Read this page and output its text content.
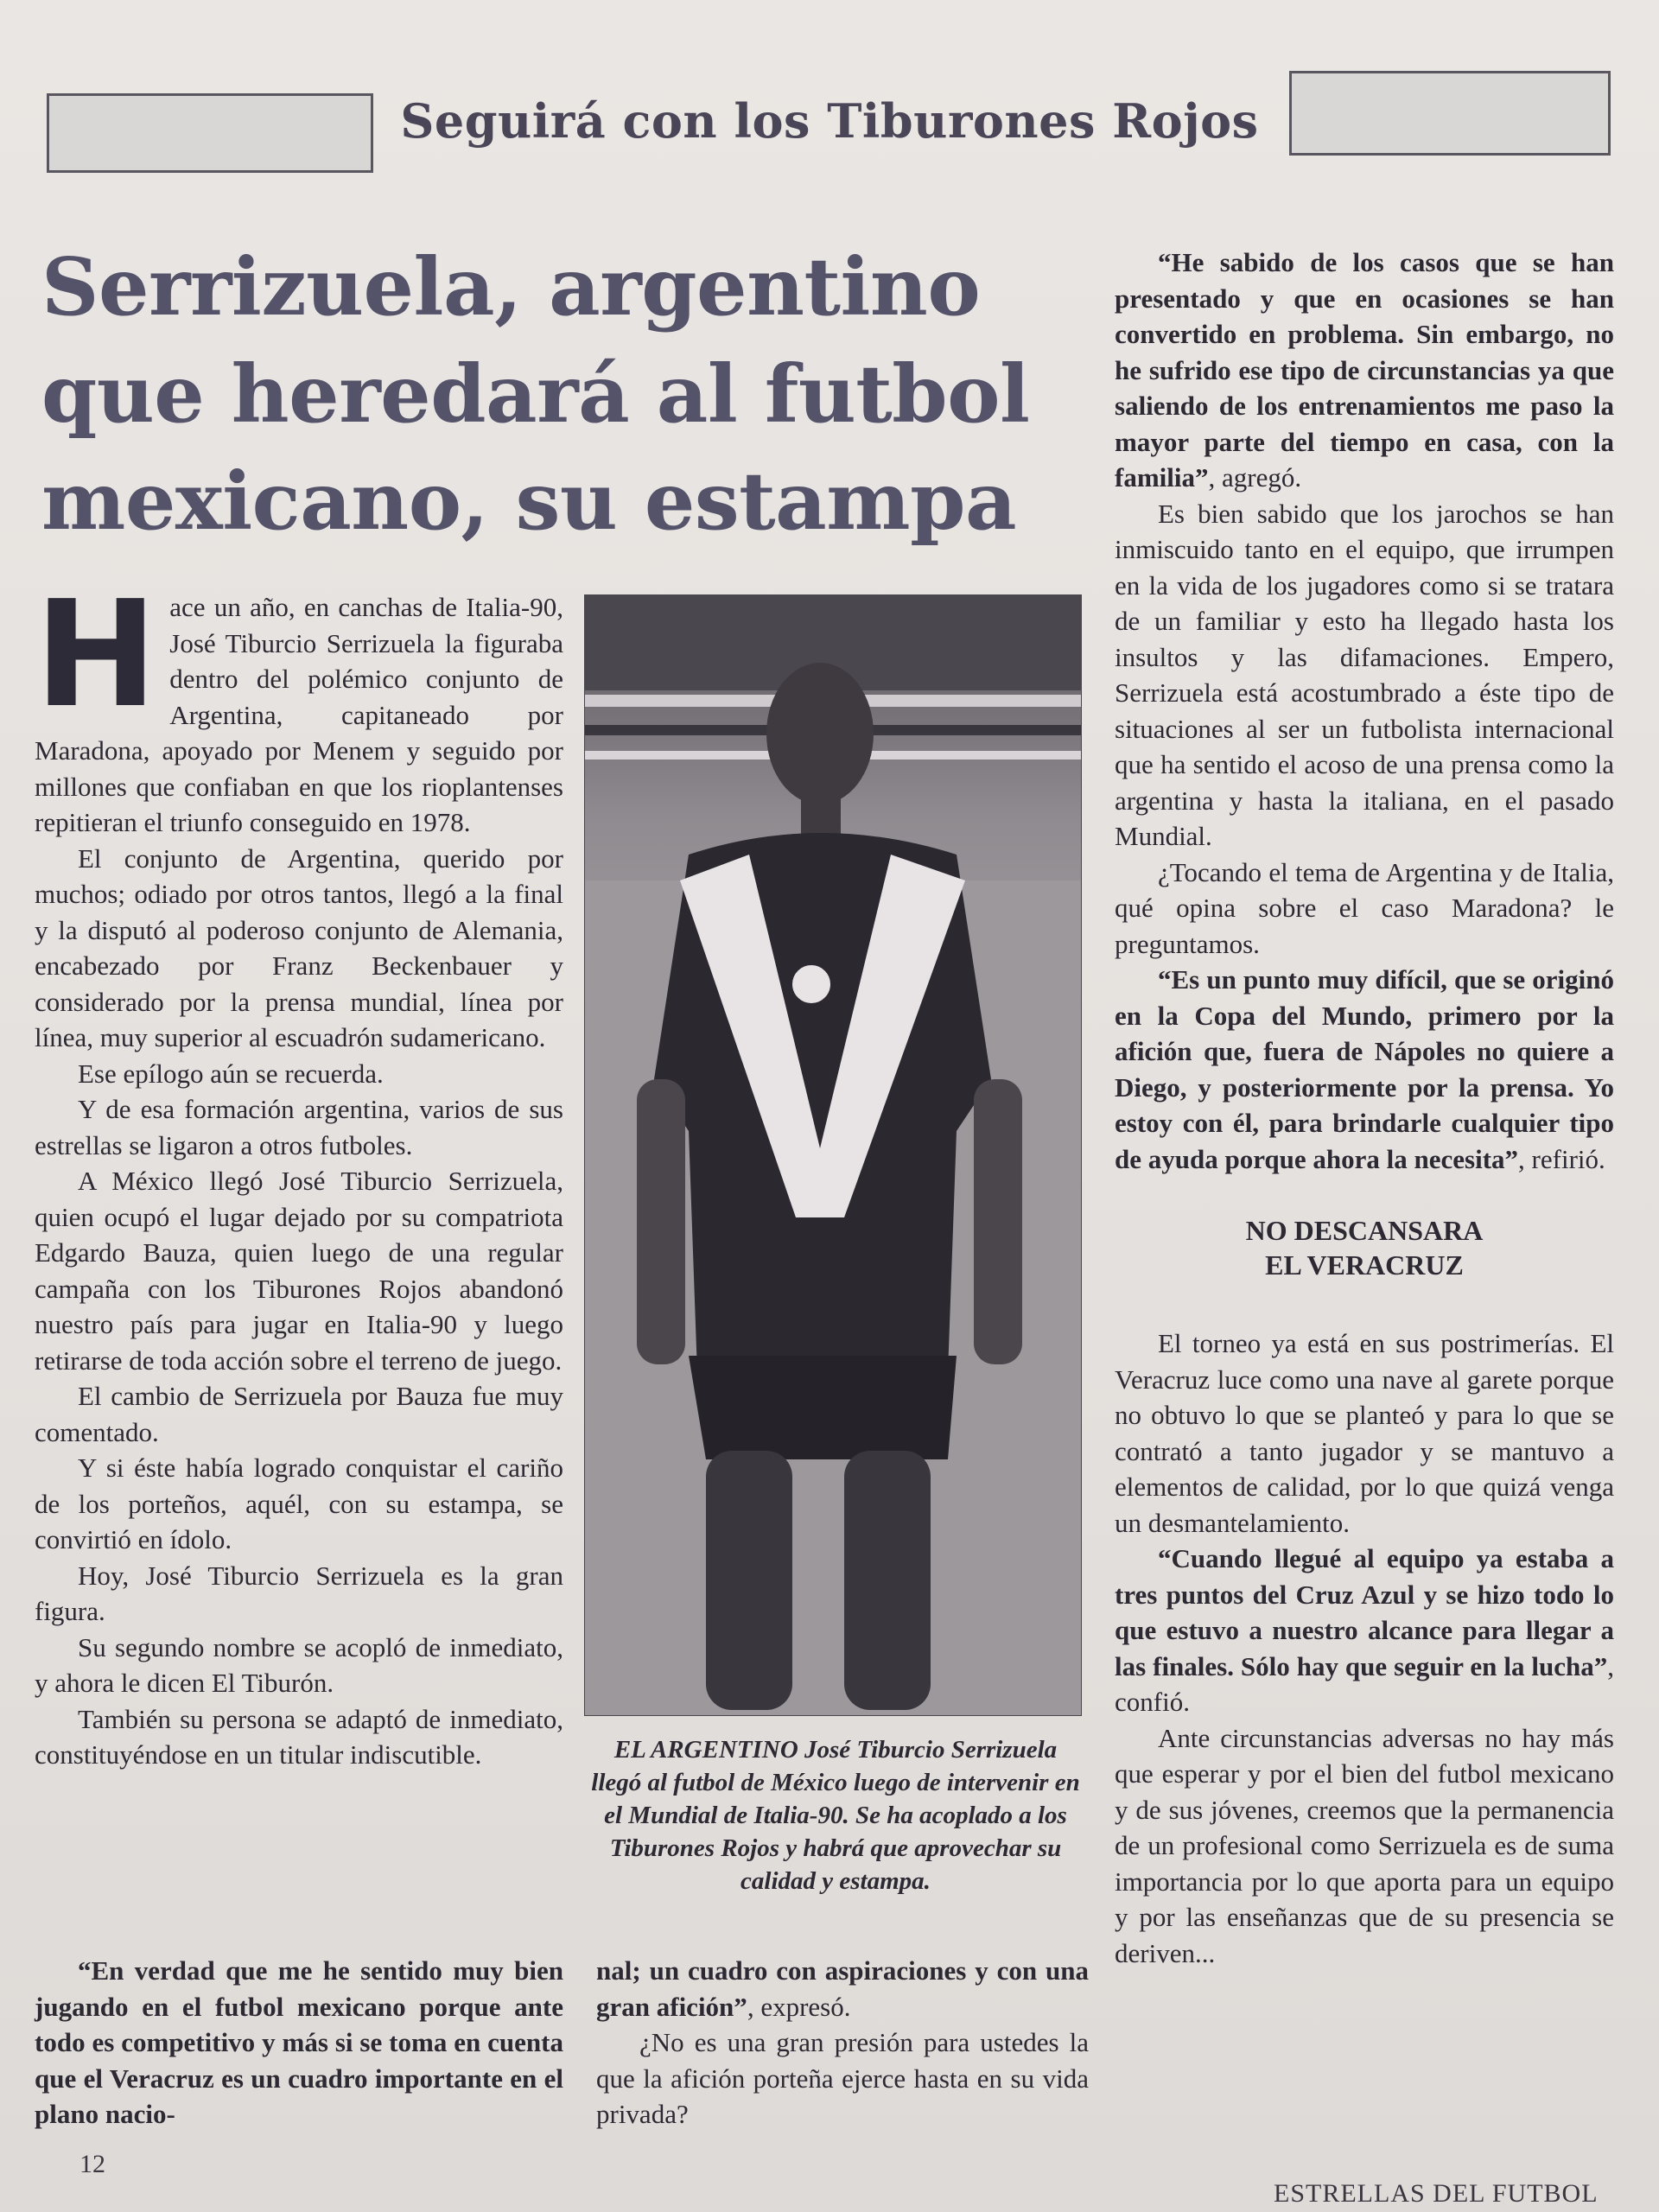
Seguirá con los Tiburones Rojos
Serrizuela, argentino
que heredará al futbol
mexicano, su estampa

Hace un año, en canchas de Italia-90, José Tiburcio Serrizuela la figuraba dentro del polémico conjunto de Argentina, capitaneado por Maradona, apoyado por Menem y seguido por millones que confiaban en que los rioplantenses repitieran el triunfo conseguido en 1978.

El conjunto de Argentina, querido por muchos; odiado por otros tantos, llegó a la final y la disputó al poderoso conjunto de Alemania, encabezado por Franz Beckenbauer y considerado por la prensa mundial, línea por línea, muy superior al escuadrón sudamericano.

Ese epílogo aún se recuerda.

Y de esa formación argentina, varios de sus estrellas se ligaron a otros futboles.

A México llegó José Tiburcio Serrizuela, quien ocupó el lugar dejado por su compatriota Edgardo Bauza, quien luego de una regular campaña con los Tiburones Rojos abandonó nuestro país para jugar en Italia-90 y luego retirarse de toda acción sobre el terreno de juego.

El cambio de Serrizuela por Bauza fue muy comentado.

Y si éste había logrado conquistar el cariño de los porteños, aquél, con su estampa, se convirtió en ídolo.

Hoy, José Tiburcio Serrizuela es la gran figura.

Su segundo nombre se acopló de inmediato, y ahora le dicen El Tiburón.

También su persona se adaptó de inmediato, constituyéndose en un titular indiscutible.

“En verdad que me he sentido muy bien jugando en el futbol mexicano porque ante todo es competitivo y más si se toma en cuenta que el Veracruz es un cuadro importante en el plano nacio-

EL ARGENTINO José Tiburcio Serrizuela llegó al futbol de México luego de intervenir en el Mundial de Italia-90. Se ha acoplado a los Tiburones Rojos y habrá que aprovechar su calidad y estampa.

nal; un cuadro con aspiraciones y con una gran afición”, expresó.

¿No es una gran presión para ustedes la que la afición porteña ejerce hasta en su vida privada?

“He sabido de los casos que se han presentado y que en ocasiones se han convertido en problema. Sin embargo, no he sufrido ese tipo de circunstancias ya que saliendo de los entrenamientos me paso la mayor parte del tiempo en casa, con la familia”, agregó.

Es bien sabido que los jarochos se han inmiscuido tanto en el equipo, que irrumpen en la vida de los jugadores como si se tratara de un familiar y esto ha llegado hasta los insultos y las difamaciones. Empero, Serrizuela está acostumbrado a éste tipo de situaciones al ser un futbolista internacional que ha sentido el acoso de una prensa como la argentina y hasta la italiana, en el pasado Mundial.

¿Tocando el tema de Argentina y de Italia, qué opina sobre el caso Maradona? le preguntamos.

“Es un punto muy difícil, que se originó en la Copa del Mundo, primero por la afición que, fuera de Nápoles no quiere a Diego, y posteriormente por la prensa. Yo estoy con él, para brindarle cualquier tipo de ayuda porque ahora la necesita”, refirió.

NO DESCANSARA
EL VERACRUZ

El torneo ya está en sus postrimerías. El Veracruz luce como una nave al garete porque no obtuvo lo que se planteó y para lo que se contrató a tanto jugador y se mantuvo a elementos de calidad, por lo que quizá venga un desmantelamiento.

“Cuando llegué al equipo ya estaba a tres puntos del Cruz Azul y se hizo todo lo que estuvo a nuestro alcance para llegar a las finales. Sólo hay que seguir en la lucha”, confió.

Ante circunstancias adversas no hay más que esperar y por el bien del futbol mexicano y de sus jóvenes, creemos que la permanencia de un profesional como Serrizuela es de suma importancia por lo que aporta para un equipo y por las enseñanzas que de su presencia se deriven...

12
ESTRELLAS DEL FUTBOL
